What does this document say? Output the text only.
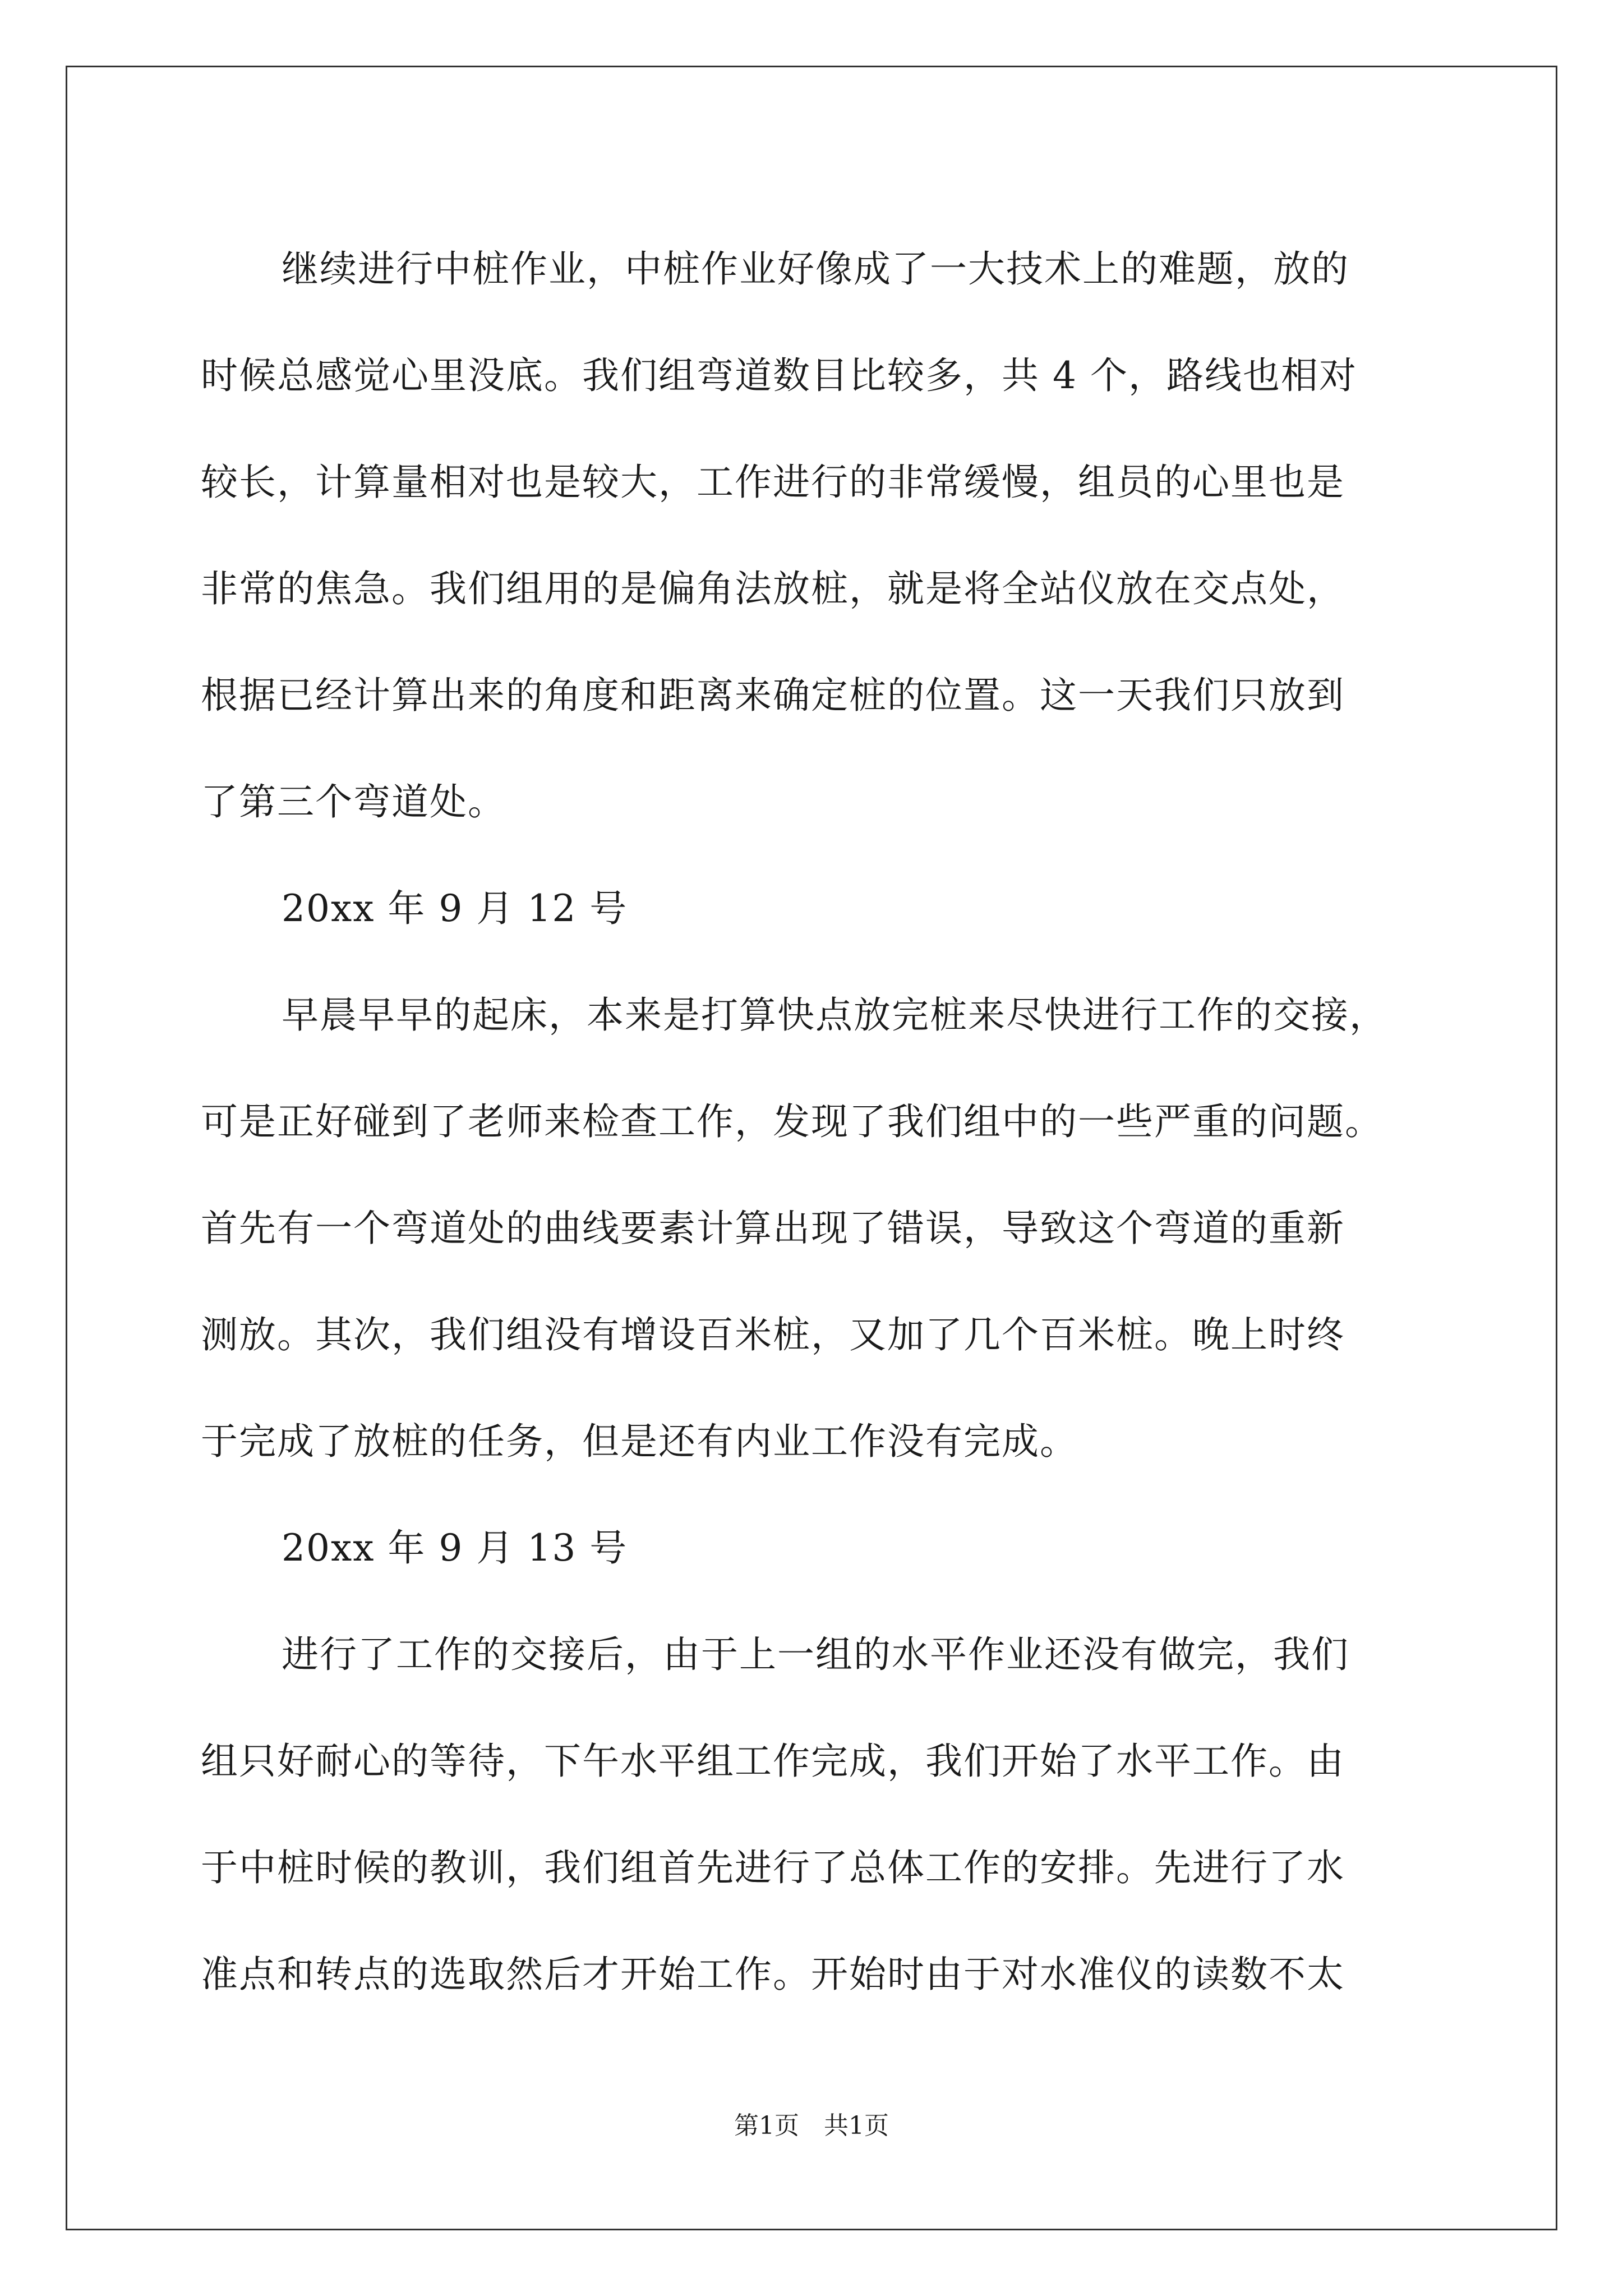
继续进行中桩作业，中桩作业好像成了一大技术上的难题，放的
时候总感觉心里没底。我们组弯道数目比较多，共 4 个，路线也相对
较长，计算量相对也是较大，工作进行的非常缓慢，组员的心里也是
非常的焦急。我们组用的是偏角法放桩，就是将全站仪放在交点处，
根据已经计算出来的角度和距离来确定桩的位置。这一天我们只放到
了第三个弯道处。
20xx 年 9 月 12 号
早晨早早的起床，本来是打算快点放完桩来尽快进行工作的交接，
可是正好碰到了老师来检查工作，发现了我们组中的一些严重的问题。
首先有一个弯道处的曲线要素计算出现了错误，导致这个弯道的重新
测放。其次，我们组没有增设百米桩，又加了几个百米桩。晚上时终
于完成了放桩的任务，但是还有内业工作没有完成。
20xx 年 9 月 13 号
进行了工作的交接后，由于上一组的水平作业还没有做完，我们
组只好耐心的等待，下午水平组工作完成，我们开始了水平工作。由
于中桩时候的教训，我们组首先进行了总体工作的安排。先进行了水
准点和转点的选取然后才开始工作。开始时由于对水准仪的读数不太
第1页　共1页
